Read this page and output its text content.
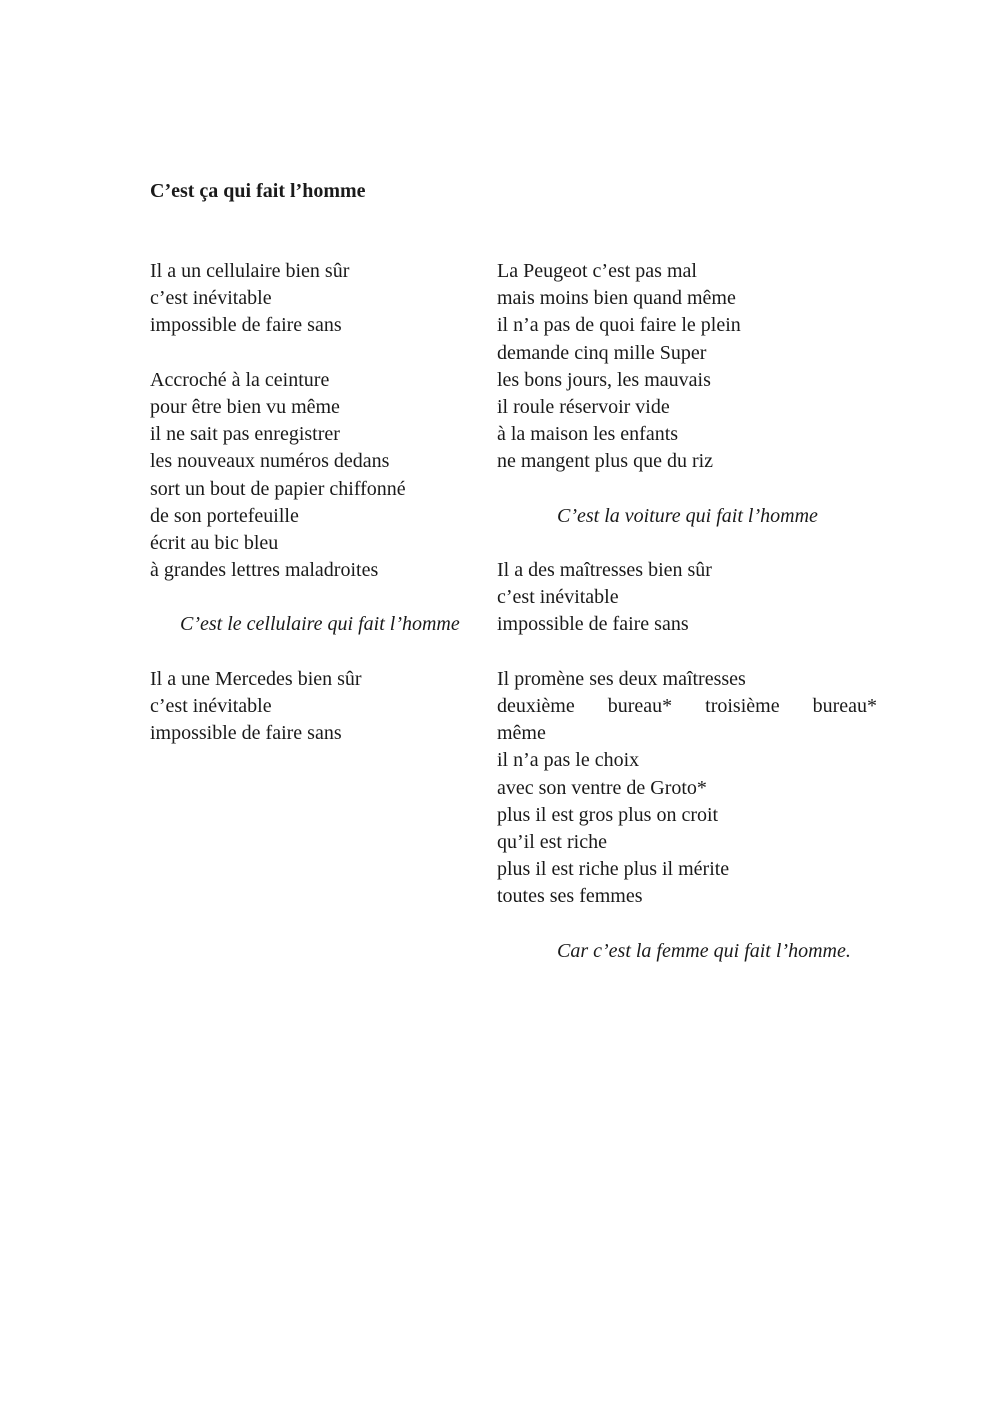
C’est ça qui fait l’homme
Il a un cellulaire bien sûr
c’est inévitable
impossible de faire sans
Accroché à la ceinture
pour être bien vu même
il ne sait pas enregistrer
les nouveaux numéros dedans
sort un bout de papier chiffonné
de son portefeuille
écrit au bic bleu
à grandes lettres maladroites
C’est le cellulaire qui fait l’homme
Il a une Mercedes bien sûr
c’est inévitable
impossible de faire sans
La Peugeot c’est pas mal
mais moins bien quand même
il n’a pas de quoi faire le plein
demande cinq mille Super
les bons jours, les mauvais
il roule réservoir vide
à la maison les enfants
ne mangent plus que du riz
C’est la voiture qui fait l’homme
Il a des maîtresses bien sûr
c’est inévitable
impossible de faire sans
Il promène ses deux maîtresses
deuxième bureau* troisième bureau*
même
il n’a pas le choix
avec son ventre de Groto*
plus il est gros plus on croit
qu’il est riche
plus il est riche plus il mérite
toutes ses femmes
Car c’est la femme qui fait l’homme.
